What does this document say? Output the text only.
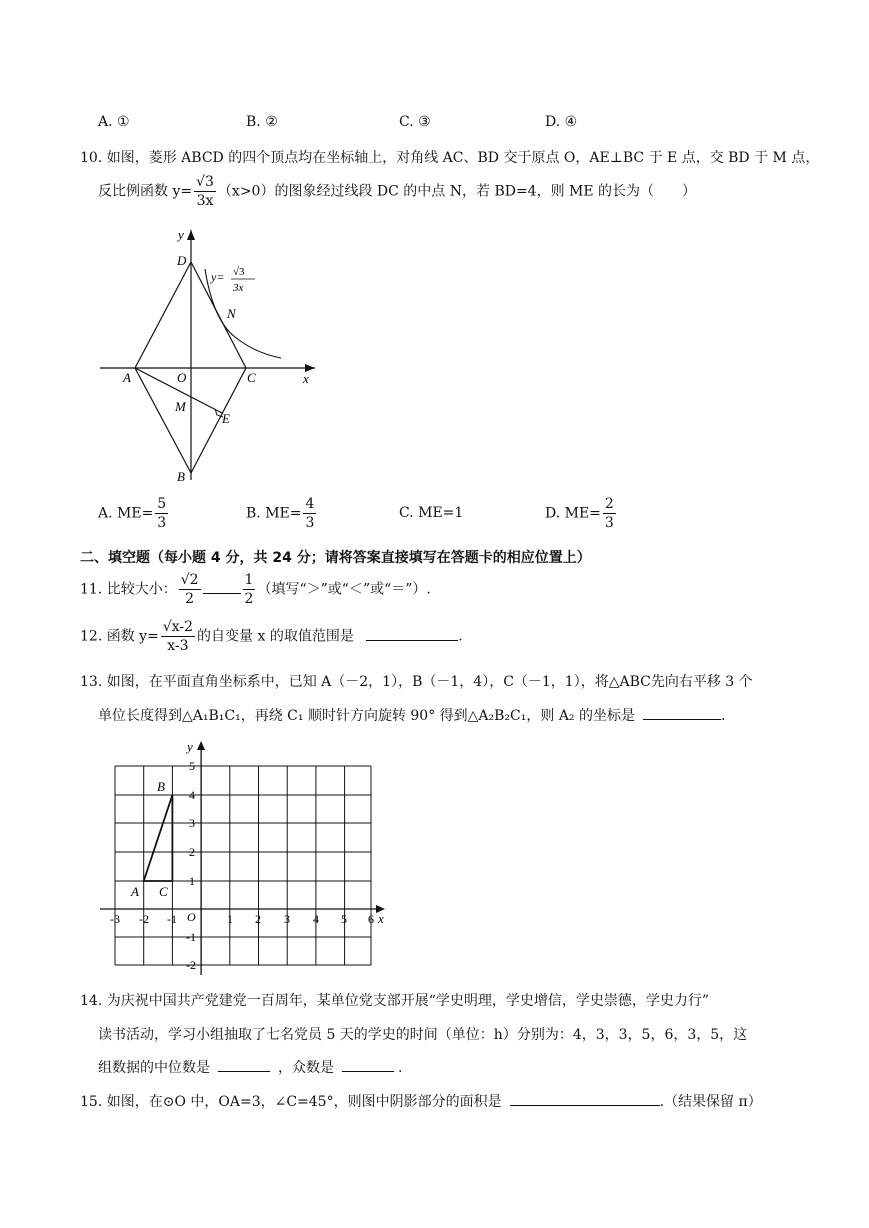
A. ①	B. ②	C. ③	D. ④
10. 如图，菱形 ABCD 的四个顶点均在坐标轴上，对角线 AC、BD 交于原点 O，AE⊥BC 于 E 点，交 BD 于 M 点，
反比例函数 $y= \frac{√3}{3x} (x>0)$的图象经过线段 DC 的中点 N，若 BD=4，则 ME 的长为（　　）
D
A	O	C
M
E
B
N
x
y
y= √3
3x
A. $ME= \frac{5}{3}$	B. $ME= \frac{4}{3}$	C. ME=1	D. $ME= \frac{2}{3}$
二、填空题（每小题 4 分，共 24 分；请将答案直接填写在答题卡的相应位置上）
11. 比较大小： $\frac{√2}{2}$	$\frac{1}{2}$ （填写“＞”或“＜”或“＝”）.
12. 函数 $y= \frac{√x-2}{x-3}$ 的自变量 x 的取值范围是	.
13. 如图，在平面直角坐标系中，已知 A（－2，1），B（－1，4），C（－1，1），将△ABC先向右平移 3 个
单位长度得到△A₁B₁C₁，再绕 C₁ 顺时针方向旋转 90° 得到△A₂B₂C₁，则 A₂ 的坐标是	.
A
B
C
-3 -2 -1 O	1 2 3 4 5 6
5
4
3
2
1
-1
-2
x
y
14. 为庆祝中国共产党建党一百周年，某单位党支部开展“学史明理，学史增信，学史崇德，学史力行”
读书活动，学习小组抽取了七名党员 5 天的学史的时间（单位：h）分别为：4，3，3，5，6，3，5，这
组数据的中位数是	，众数是	.
15. 如图，在⊙O 中，OA=3，∠C=45°，则图中阴影部分的面积是	.（结果保留 π）
